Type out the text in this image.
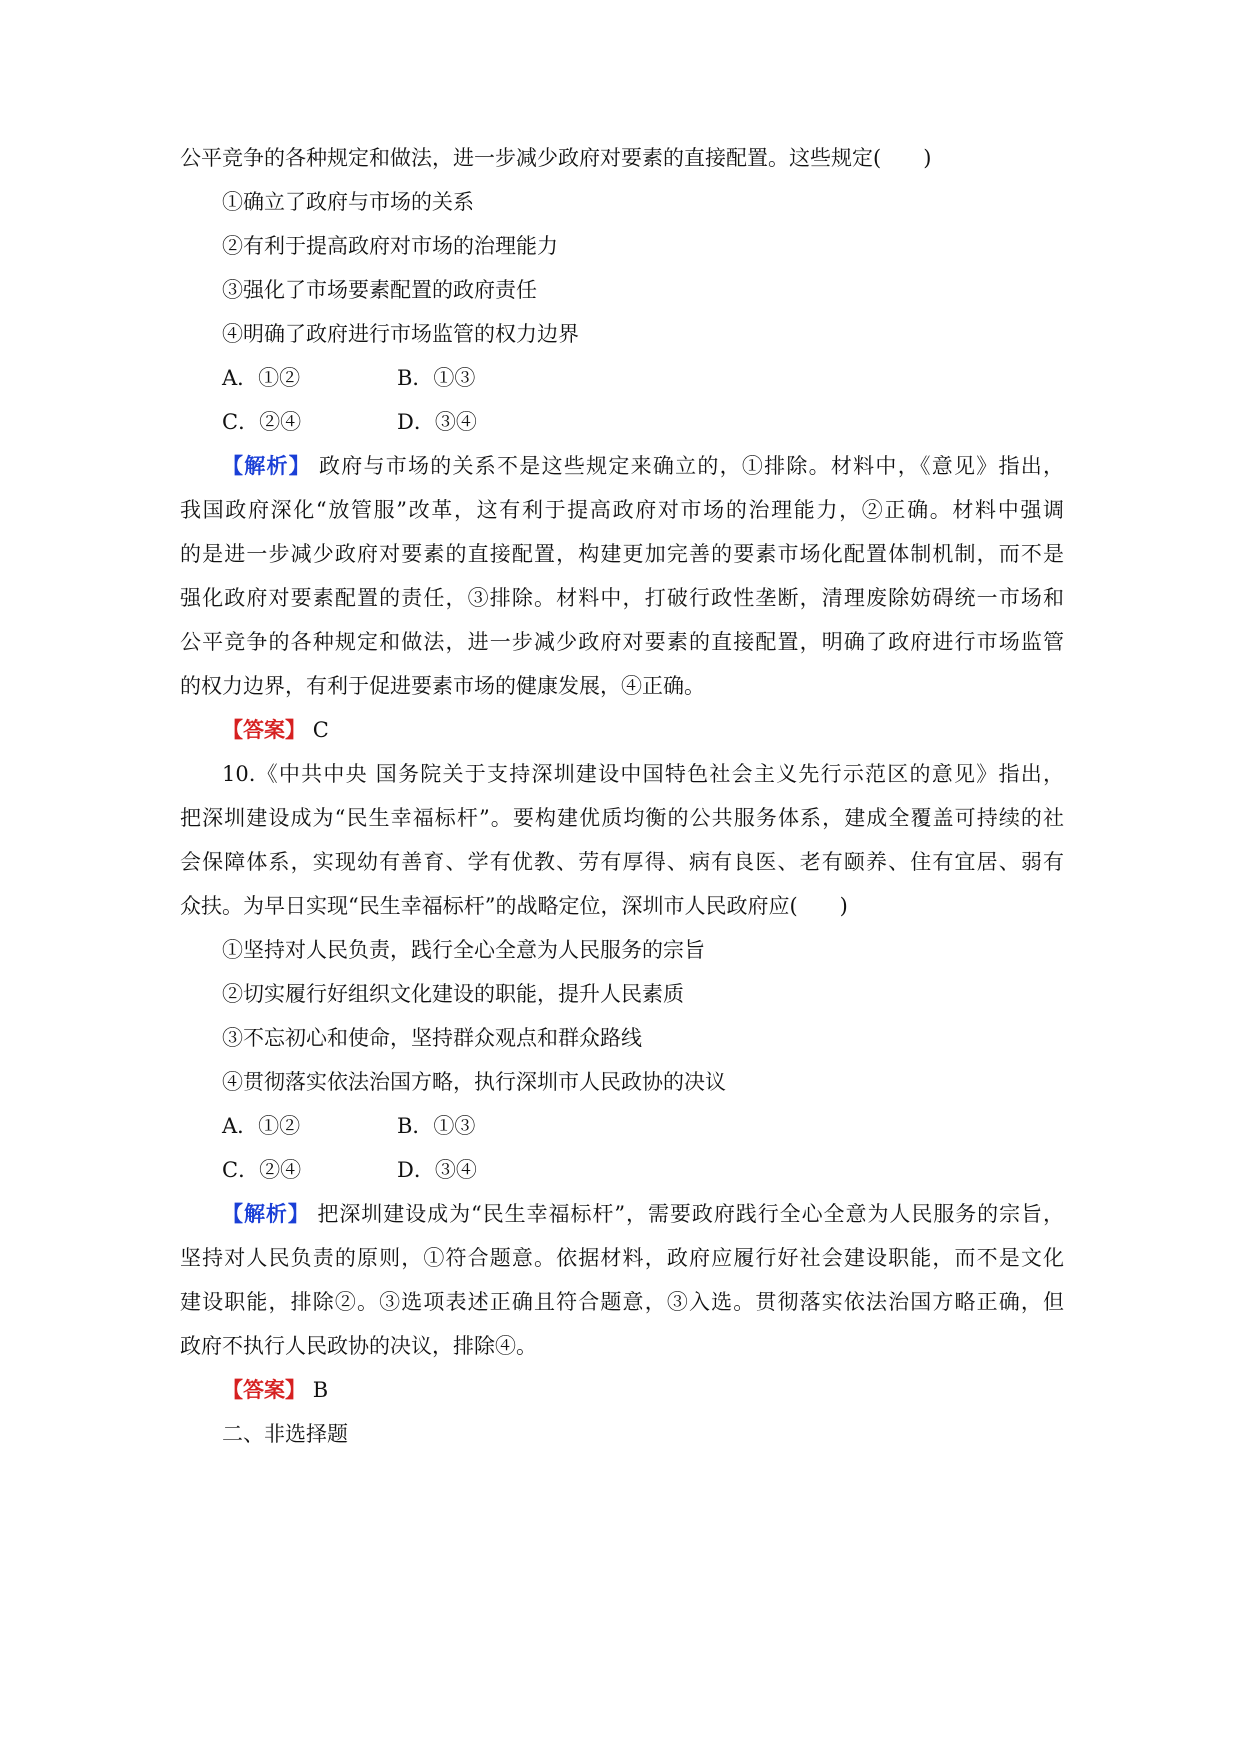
公平竞争的各种规定和做法，进一步减少政府对要素的直接配置。这些规定(　　)
①确立了政府与市场的关系
②有利于提高政府对市场的治理能力
③强化了市场要素配置的政府责任
④明确了政府进行市场监管的权力边界
A．①②	B．①③
C．②④	D．③④
【解析】 政府与市场的关系不是这些规定来确立的，①排除。材料中，《意见》指出，
我国政府深化“放管服”改革，这有利于提高政府对市场的治理能力，②正确。材料中强调
的是进一步减少政府对要素的直接配置，构建更加完善的要素市场化配置体制机制，而不是
强化政府对要素配置的责任，③排除。材料中，打破行政性垄断，清理废除妨碍统一市场和
公平竞争的各种规定和做法，进一步减少政府对要素的直接配置，明确了政府进行市场监管
的权力边界，有利于促进要素市场的健康发展，④正确。
【答案】 C
10.《中共中央 国务院关于支持深圳建设中国特色社会主义先行示范区的意见》指出，
把深圳建设成为“民生幸福标杆”。要构建优质均衡的公共服务体系，建成全覆盖可持续的社
会保障体系，实现幼有善育、学有优教、劳有厚得、病有良医、老有颐养、住有宜居、弱有
众扶。为早日实现“民生幸福标杆”的战略定位，深圳市人民政府应(　　)
①坚持对人民负责，践行全心全意为人民服务的宗旨
②切实履行好组织文化建设的职能，提升人民素质
③不忘初心和使命，坚持群众观点和群众路线
④贯彻落实依法治国方略，执行深圳市人民政协的决议
A．①②	B．①③
C．②④	D．③④
【解析】 把深圳建设成为“民生幸福标杆”，需要政府践行全心全意为人民服务的宗旨，
坚持对人民负责的原则，①符合题意。依据材料，政府应履行好社会建设职能，而不是文化
建设职能，排除②。③选项表述正确且符合题意，③入选。贯彻落实依法治国方略正确，但
政府不执行人民政协的决议，排除④。
【答案】 B
二、非选择题
